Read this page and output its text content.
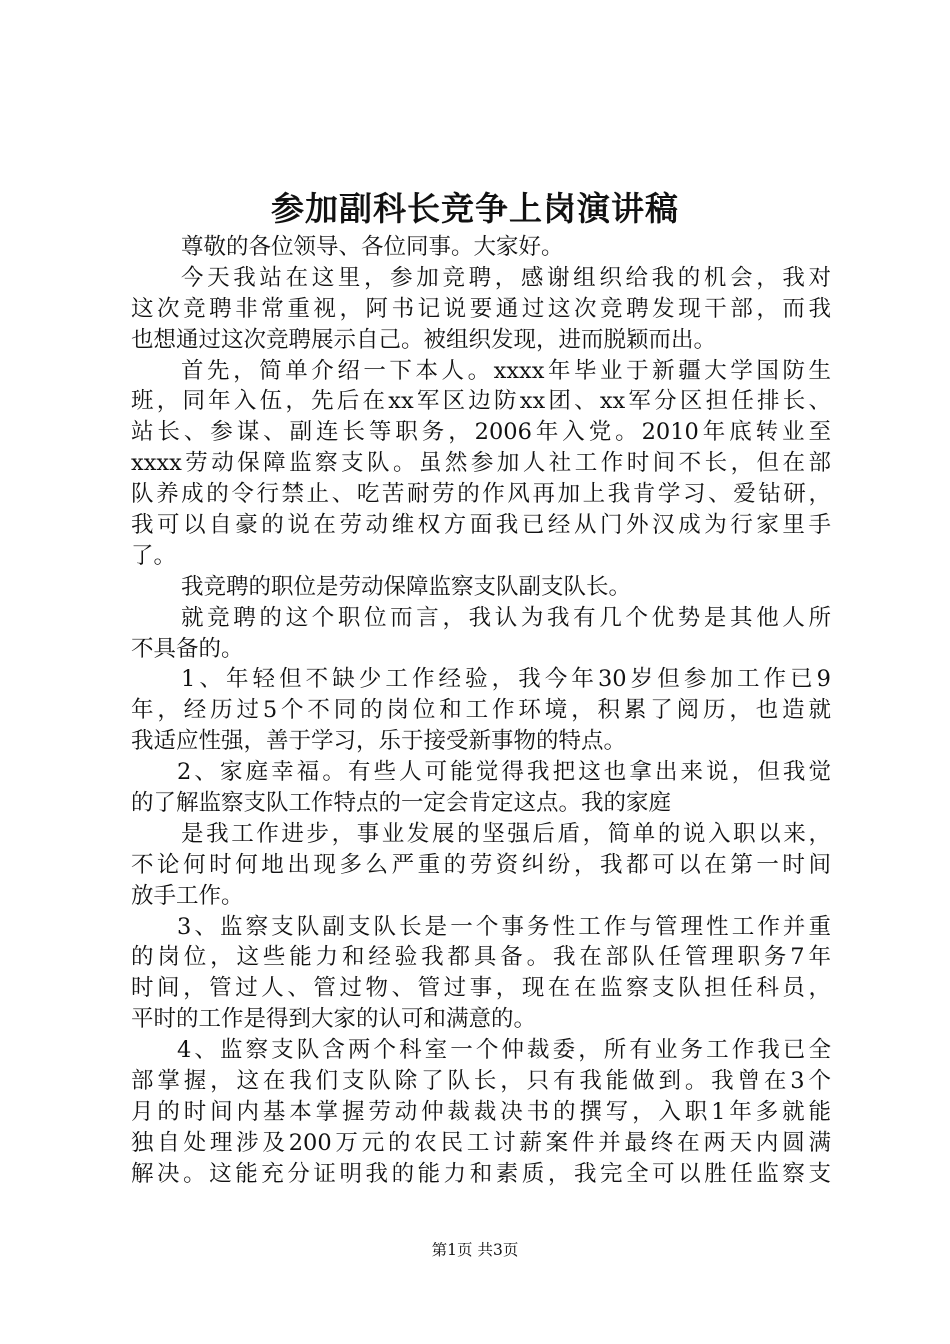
参加副科长竞争上岗演讲稿
尊敬的各位领导、各位同事。大家好。
今天我站在这里，参加竞聘，感谢组织给我的机会，我对
这次竞聘非常重视，阿书记说要通过这次竞聘发现干部，而我
也想通过这次竞聘展示自己。被组织发现，进而脱颖而出。
首先，简单介绍一下本人。xxxx年毕业于新疆大学国防生
班，同年入伍，先后在xx军区边防xx团、xx军分区担任排长、
站长、参谋、副连长等职务，2006年入党。2010年底转业至
xxxx劳动保障监察支队。虽然参加人社工作时间不长，但在部
队养成的令行禁止、吃苦耐劳的作风再加上我肯学习、爱钻研，
我可以自豪的说在劳动维权方面我已经从门外汉成为行家里手
了。
我竞聘的职位是劳动保障监察支队副支队长。
就竞聘的这个职位而言，我认为我有几个优势是其他人所
不具备的。
1、年轻但不缺少工作经验，我今年30岁但参加工作已9
年，经历过5个不同的岗位和工作环境，积累了阅历，也造就
我适应性强，善于学习，乐于接受新事物的特点。
2、家庭幸福。有些人可能觉得我把这也拿出来说，但我觉
的了解监察支队工作特点的一定会肯定这点。我的家庭
是我工作进步，事业发展的坚强后盾，简单的说入职以来，
不论何时何地出现多么严重的劳资纠纷，我都可以在第一时间
放手工作。
3、监察支队副支队长是一个事务性工作与管理性工作并重
的岗位，这些能力和经验我都具备。我在部队任管理职务7年
时间，管过人、管过物、管过事，现在在监察支队担任科员，
平时的工作是得到大家的认可和满意的。
4、监察支队含两个科室一个仲裁委，所有业务工作我已全
部掌握，这在我们支队除了队长，只有我能做到。我曾在3个
月的时间内基本掌握劳动仲裁裁决书的撰写，入职1年多就能
独自处理涉及200万元的农民工讨薪案件并最终在两天内圆满
解决。这能充分证明我的能力和素质，我完全可以胜任监察支
第1页 共3页
